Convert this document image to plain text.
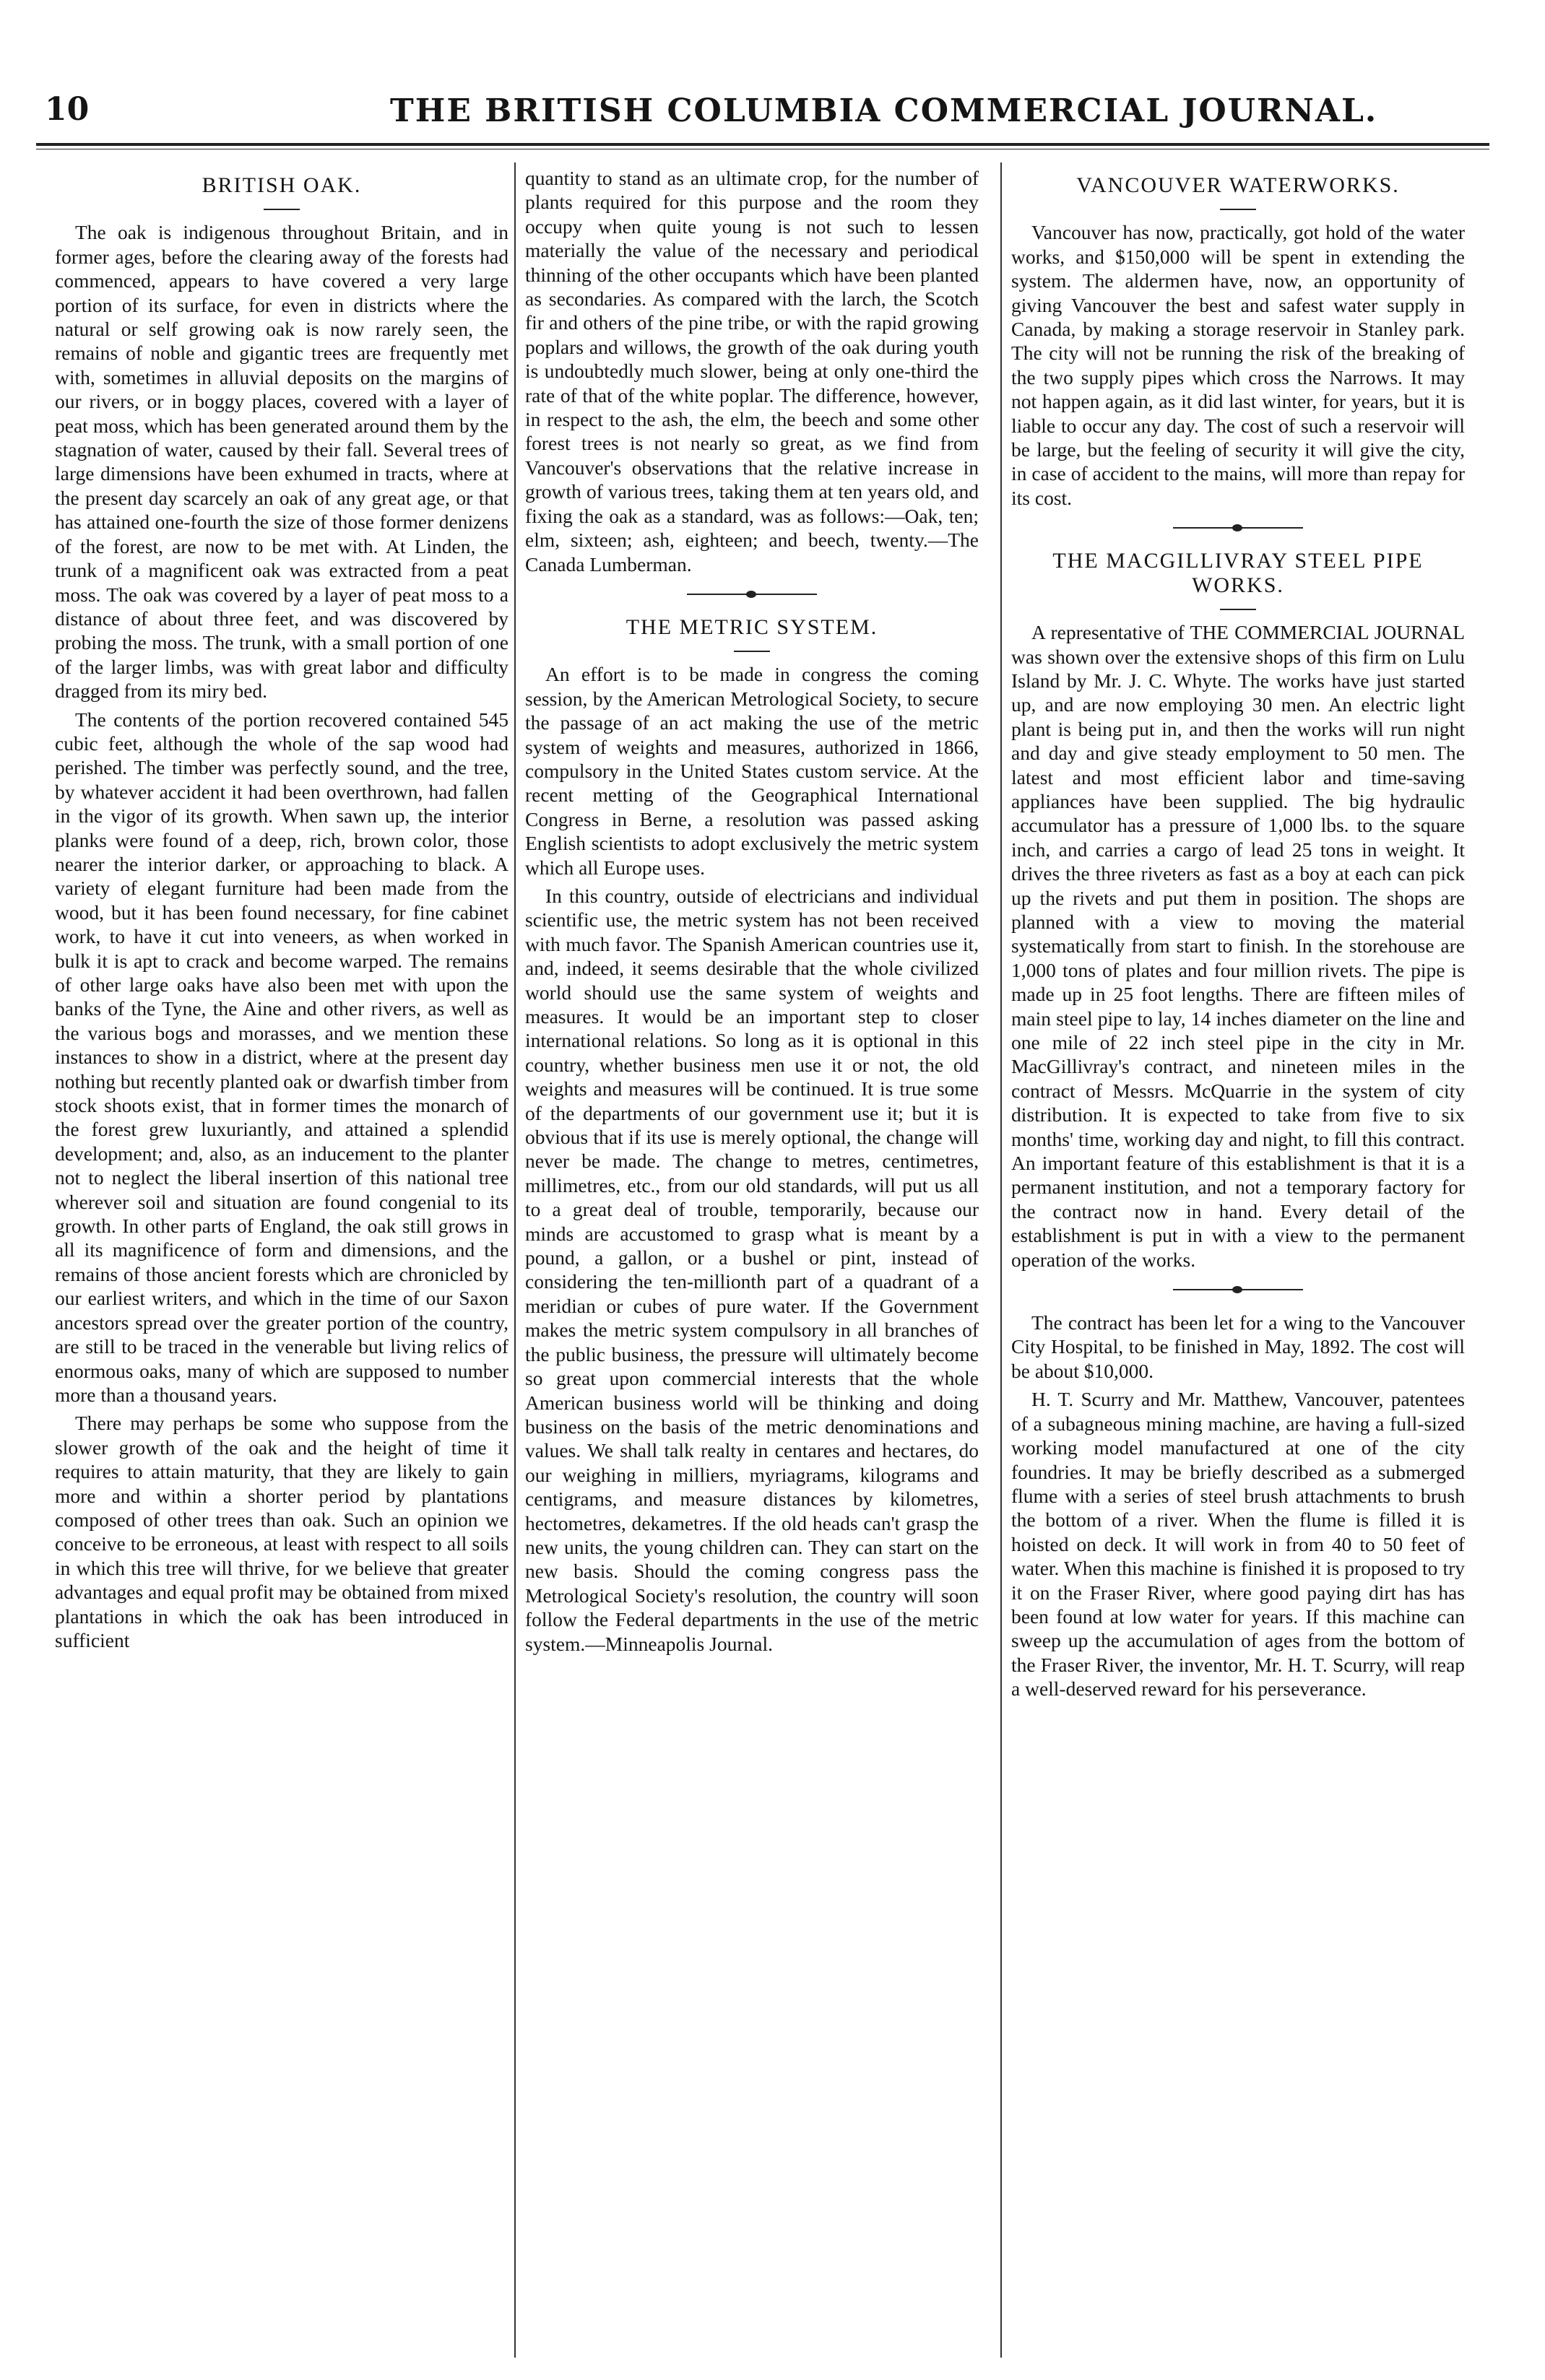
10	THE BRITISH COLUMBIA COMMERCIAL JOURNAL.
BRITISH OAK.

The oak is indigenous throughout Britain, and in former ages, before the clearing away of the forests had commenced, appears to have covered a very large portion of its surface, for even in districts where the natural or self growing oak is now rarely seen, the remains of noble and gigantic trees are frequently met with, sometimes in alluvial deposits on the margins of our rivers, or in boggy places, covered with a layer of peat moss, which has been generated around them by the stagnation of water, caused by their fall. Several trees of large dimensions have been exhumed in tracts, where at the present day scarcely an oak of any great age, or that has attained one-fourth the size of those former denizens of the forest, are now to be met with. At Linden, the trunk of a magnificent oak was extracted from a peat moss. The oak was covered by a layer of peat moss to a distance of about three feet, and was discovered by probing the moss. The trunk, with a small portion of one of the larger limbs, was with great labor and difficulty dragged from its miry bed.

The contents of the portion recovered contained 545 cubic feet, although the whole of the sap wood had perished. The timber was perfectly sound, and the tree, by whatever accident it had been overthrown, had fallen in the vigor of its growth. When sawn up, the interior planks were found of a deep, rich, brown color, those nearer the interior darker, or approaching to black. A variety of elegant furniture had been made from the wood, but it has been found necessary, for fine cabinet work, to have it cut into veneers, as when worked in bulk it is apt to crack and become warped. The remains of other large oaks have also been met with upon the banks of the Tyne, the Aine and other rivers, as well as the various bogs and morasses, and we mention these instances to show in a district, where at the present day nothing but recently planted oak or dwarfish timber from stock shoots exist, that in former times the monarch of the forest grew luxuriantly, and attained a splendid development; and, also, as an inducement to the planter not to neglect the liberal insertion of this national tree wherever soil and situation are found congenial to its growth. In other parts of England, the oak still grows in all its magnificence of form and dimensions, and the remains of those ancient forests which are chronicled by our earliest writers, and which in the time of our Saxon ancestors spread over the greater portion of the country, are still to be traced in the venerable but living relics of enormous oaks, many of which are supposed to number more than a thousand years.

There may perhaps be some who suppose from the slower growth of the oak and the height of time it requires to attain maturity, that they are likely to gain more and within a shorter period by plantations composed of other trees than oak. Such an opinion we conceive to be erroneous, at least with respect to all soils in which this tree will thrive, for we believe that greater advantages and equal profit may be obtained from mixed plantations in which the oak has been introduced in sufficient

quantity to stand as an ultimate crop, for the number of plants required for this purpose and the room they occupy when quite young is not such to lessen materially the value of the necessary and periodical thinning of the other occupants which have been planted as secondaries. As compared with the larch, the Scotch fir and others of the pine tribe, or with the rapid growing poplars and willows, the growth of the oak during youth is undoubtedly much slower, being at only one-third the rate of that of the white poplar. The difference, however, in respect to the ash, the elm, the beech and some other forest trees is not nearly so great, as we find from Vancouver's observations that the relative increase in growth of various trees, taking them at ten years old, and fixing the oak as a standard, was as follows:—Oak, ten; elm, sixteen; ash, eighteen; and beech, twenty.—The Canada Lumberman.

THE METRIC SYSTEM.

An effort is to be made in congress the coming session, by the American Metrological Society, to secure the passage of an act making the use of the metric system of weights and measures, authorized in 1866, compulsory in the United States custom service. At the recent metting of the Geographical International Congress in Berne, a resolution was passed asking English scientists to adopt exclusively the metric system which all Europe uses.

In this country, outside of electricians and individual scientific use, the metric system has not been received with much favor. The Spanish American countries use it, and, indeed, it seems desirable that the whole civilized world should use the same system of weights and measures. It would be an important step to closer international relations. So long as it is optional in this country, whether business men use it or not, the old weights and measures will be continued. It is true some of the departments of our government use it; but it is obvious that if its use is merely optional, the change will never be made. The change to metres, centimetres, millimetres, etc., from our old standards, will put us all to a great deal of trouble, temporarily, because our minds are accustomed to grasp what is meant by a pound, a gallon, or a bushel or pint, instead of considering the ten-millionth part of a quadrant of a meridian or cubes of pure water. If the Government makes the metric system compulsory in all branches of the public business, the pressure will ultimately become so great upon commercial interests that the whole American business world will be thinking and doing business on the basis of the metric denominations and values. We shall talk realty in centares and hectares, do our weighing in milliers, myriagrams, kilograms and centigrams, and measure distances by kilometres, hectometres, dekametres. If the old heads can't grasp the new units, the young children can. They can start on the new basis. Should the coming congress pass the Metrological Society's resolution, the country will soon follow the Federal departments in the use of the metric system.—Minneapolis Journal.

VANCOUVER WATERWORKS.

Vancouver has now, practically, got hold of the water works, and $150,000 will be spent in extending the system. The aldermen have, now, an opportunity of giving Vancouver the best and safest water supply in Canada, by making a storage reservoir in Stanley park. The city will not be running the risk of the breaking of the two supply pipes which cross the Narrows. It may not happen again, as it did last winter, for years, but it is liable to occur any day. The cost of such a reservoir will be large, but the feeling of security it will give the city, in case of accident to the mains, will more than repay for its cost.

THE MACGILLIVRAY STEEL PIPE WORKS.

A representative of THE COMMERCIAL JOURNAL was shown over the extensive shops of this firm on Lulu Island by Mr. J. C. Whyte. The works have just started up, and are now employing 30 men. An electric light plant is being put in, and then the works will run night and day and give steady employment to 50 men. The latest and most efficient labor and time-saving appliances have been supplied. The big hydraulic accumulator has a pressure of 1,000 lbs. to the square inch, and carries a cargo of lead 25 tons in weight. It drives the three riveters as fast as a boy at each can pick up the rivets and put them in position. The shops are planned with a view to moving the material systematically from start to finish. In the storehouse are 1,000 tons of plates and four million rivets. The pipe is made up in 25 foot lengths. There are fifteen miles of main steel pipe to lay, 14 inches diameter on the line and one mile of 22 inch steel pipe in the city in Mr. MacGillivray's contract, and nineteen miles in the contract of Messrs. McQuarrie in the system of city distribution. It is expected to take from five to six months' time, working day and night, to fill this contract. An important feature of this establishment is that it is a permanent institution, and not a temporary factory for the contract now in hand. Every detail of the establishment is put in with a view to the permanent operation of the works.

The contract has been let for a wing to the Vancouver City Hospital, to be finished in May, 1892. The cost will be about $10,000.

H. T. Scurry and Mr. Matthew, Vancouver, patentees of a subagneous mining machine, are having a full-sized working model manufactured at one of the city foundries. It may be briefly described as a submerged flume with a series of steel brush attachments to brush the bottom of a river. When the flume is filled it is hoisted on deck. It will work in from 40 to 50 feet of water. When this machine is finished it is proposed to try it on the Fraser River, where good paying dirt has has been found at low water for years. If this machine can sweep up the accumulation of ages from the bottom of the Fraser River, the inventor, Mr. H. T. Scurry, will reap a well-deserved reward for his perseverance.
